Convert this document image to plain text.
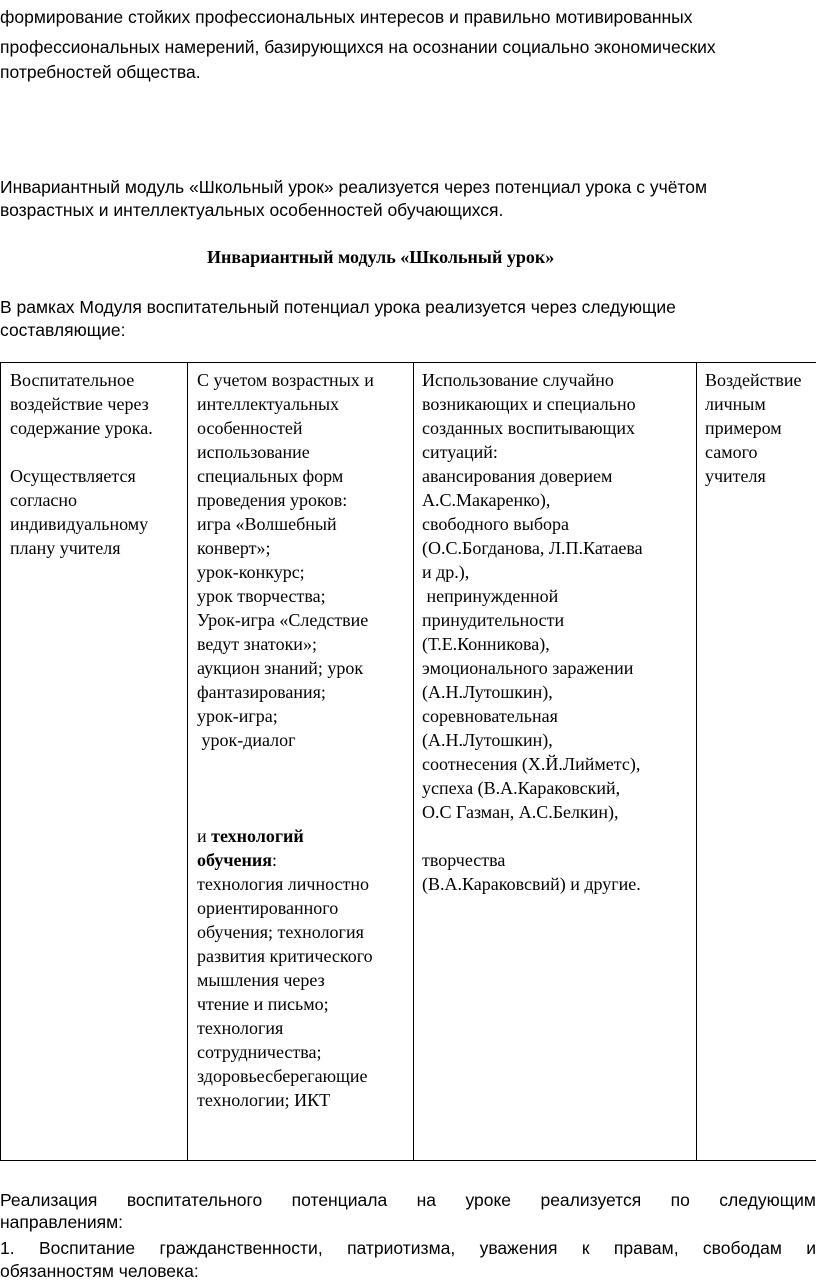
формирование стойких профессиональных интересов и правильно мотивированных

профессиональных намерений, базирующихся на осознании социально экономических

потребностей общества.

Инвариантный модуль «Школьный урок» реализуется через потенциал урока с учётом

возрастных и интеллектуальных особенностей обучающихся.

Инвариантный модуль «Школьный урок»

В рамках Модуля воспитательный потенциал урока реализуется через следующие

составляющие:

Воспитательное
воздействие через
содержание урока.
Осуществляется
согласно
индивидуальному
плану учителя
С учетом возрастных и
интеллектуальных
особенностей
использование
специальных форм
проведения уроков:
игра «Волшебный
конверт»;
урок-конкурс;
урок творчества;
Урок-игра «Следствие
ведут знатоки»;
аукцион знаний; урок
фантазирования;
урок-игра;
урок-диалог
и технологий
обучения:
технология личностно
ориентированного
обучения; технология
развития критического
мышления через
чтение и письмо;
технология
сотрудничества;
здоровьесберегающие
технологии; ИКТ
Использование случайно
возникающих и специально
созданных воспитывающих
ситуаций:
авансирования доверием
А.С.Макаренко),
свободного выбора
(О.С.Богданова, Л.П.Катаева
и др.),
непринужденной
принудительности
(Т.Е.Конникова),
эмоционального заражении
(А.Н.Лутошкин),
соревновательная
(А.Н.Лутошкин),
соотнесения (Х.Й.Лийметс),
успеха (В.А.Караковский,
О.С Газман, А.С.Белкин),
творчества
(В.А.Караковсвий) и другие.
Воздействие
личным
примером
самого
учителя
Реализация воспитательного потенциала на уроке реализуется по следующим

направлениям:

1. Воспитание гражданственности, патриотизма, уважения к правам, свободам и

обязанностям человека:
